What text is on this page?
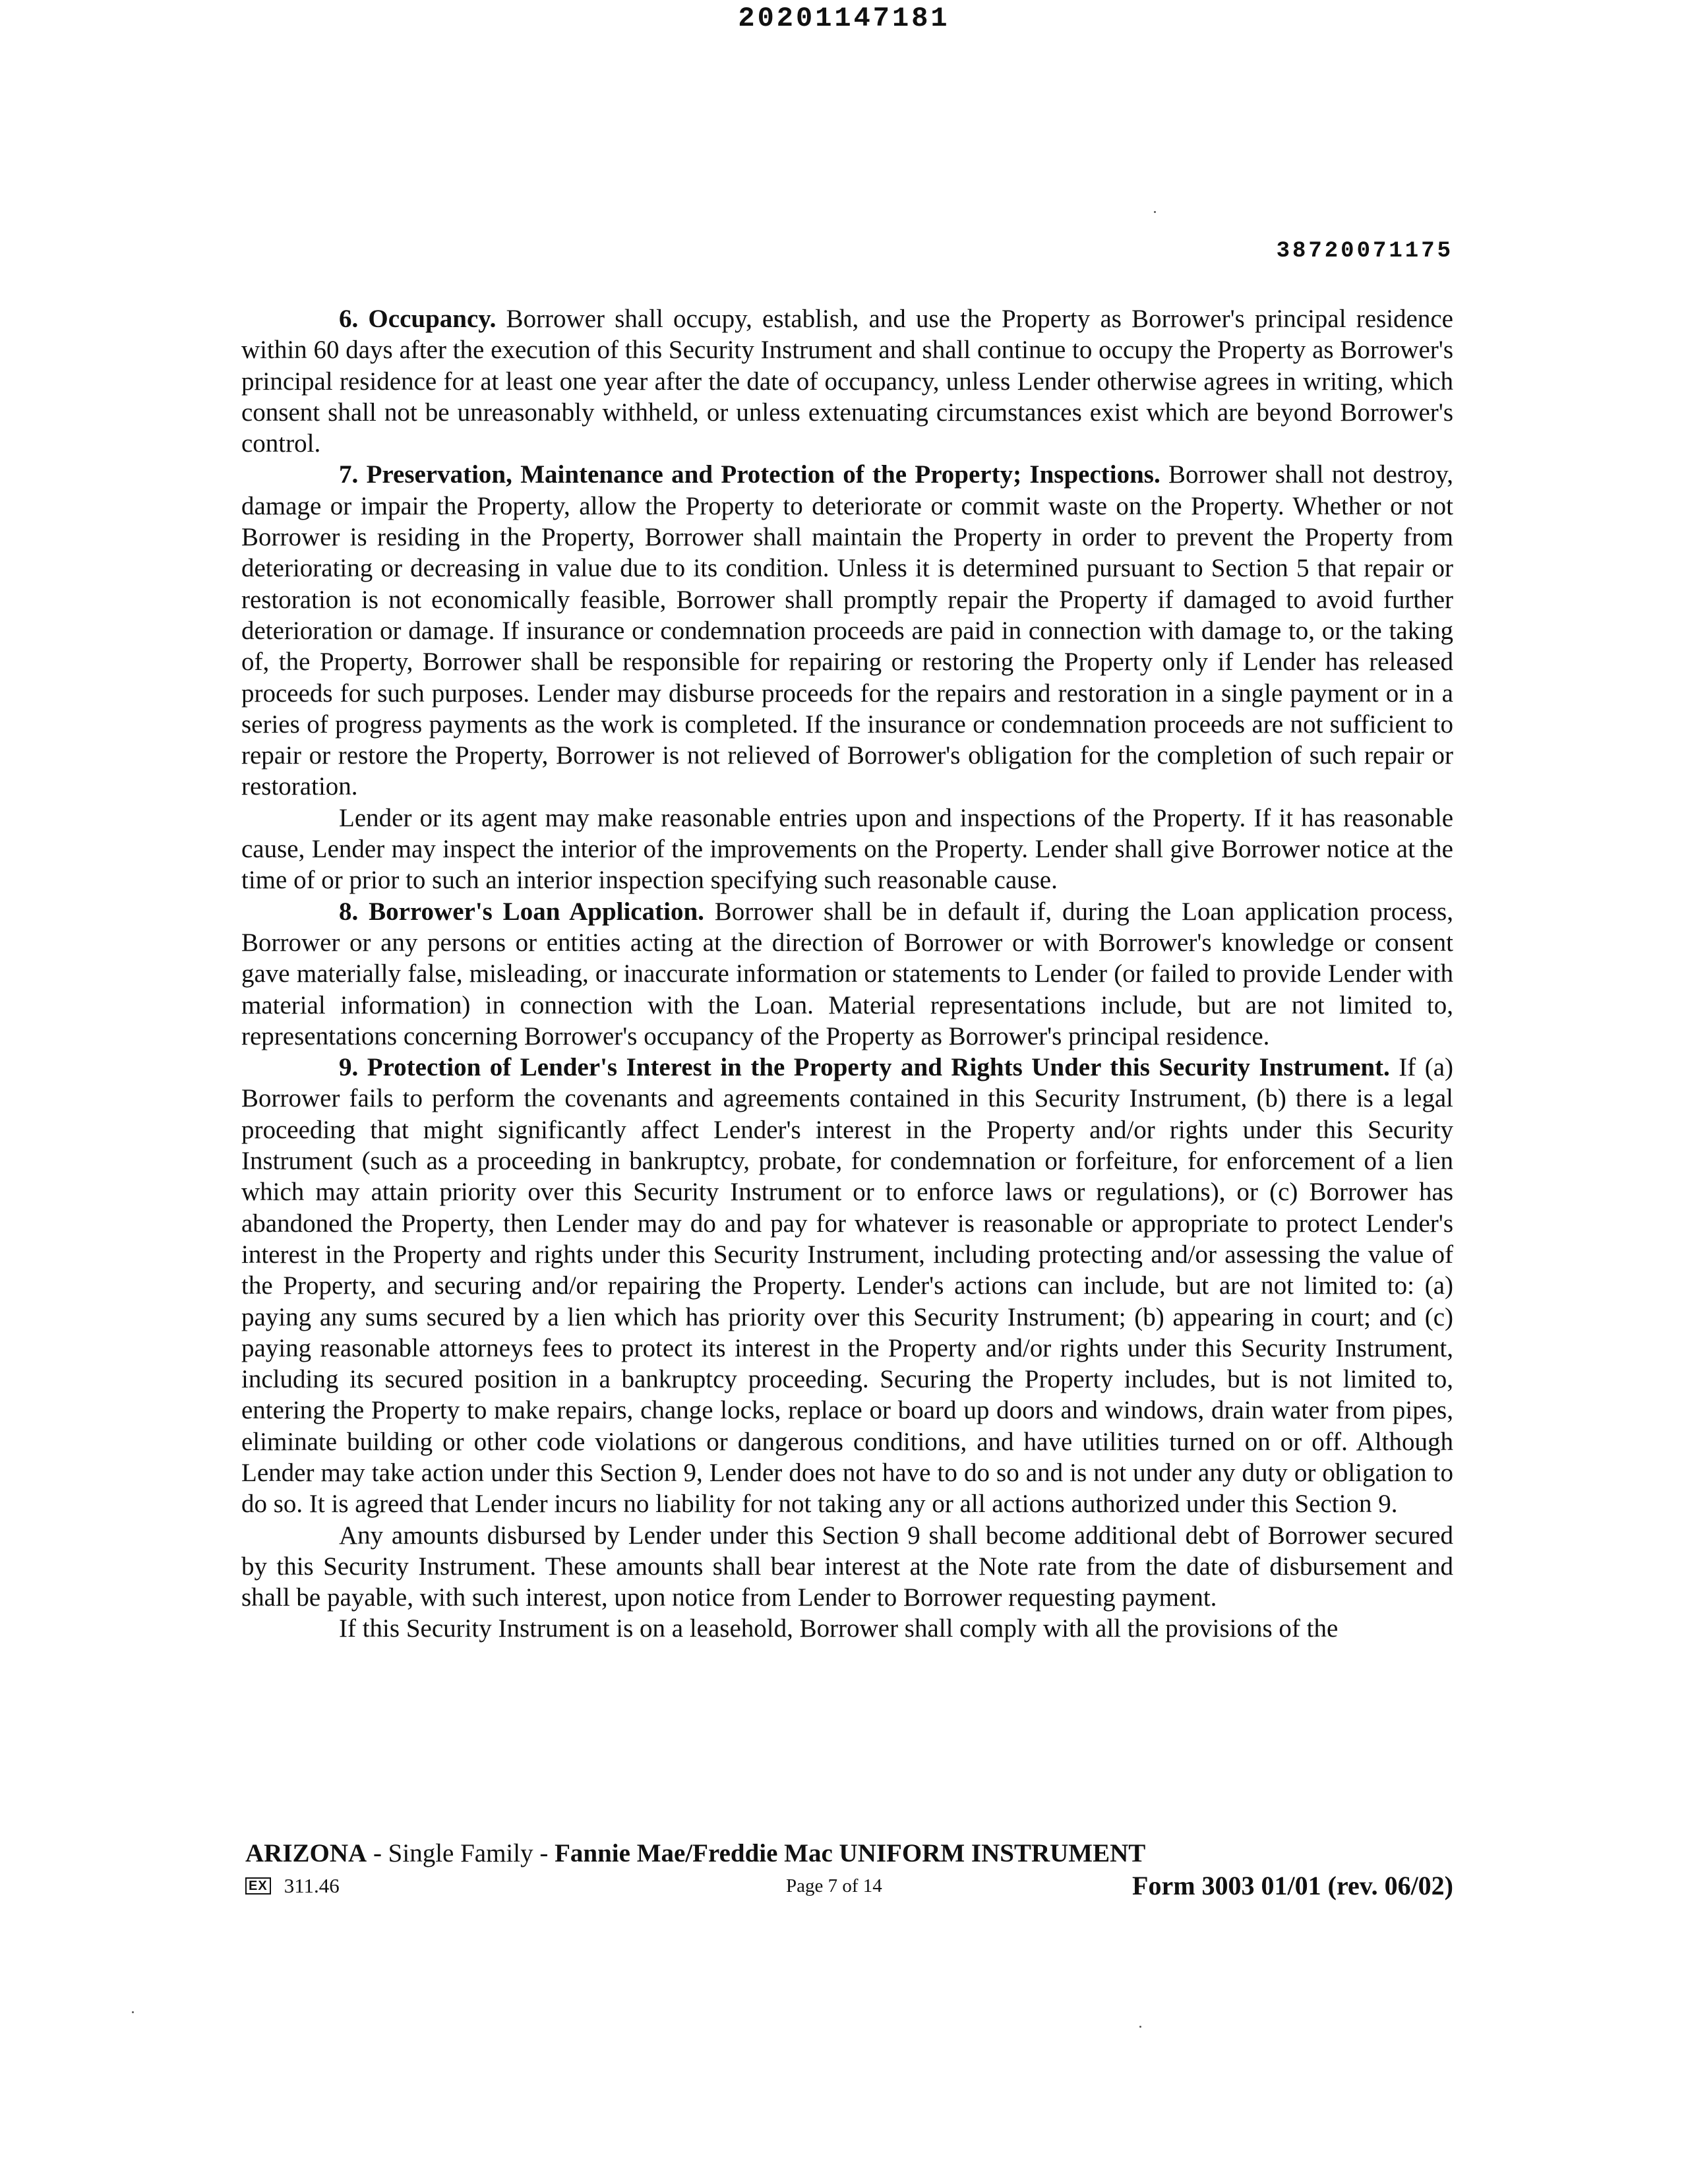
20201147181
38720071175

6. Occupancy. Borrower shall occupy, establish, and use the Property as Borrower's principal residence within 60 days after the execution of this Security Instrument and shall continue to occupy the Property as Borrower's principal residence for at least one year after the date of occupancy, unless Lender otherwise agrees in writing, which consent shall not be unreasonably withheld, or unless extenuating circumstances exist which are beyond Borrower's control.

7. Preservation, Maintenance and Protection of the Property; Inspections. Borrower shall not destroy, damage or impair the Property, allow the Property to deteriorate or commit waste on the Property. Whether or not Borrower is residing in the Property, Borrower shall maintain the Property in order to prevent the Property from deteriorating or decreasing in value due to its condition. Unless it is determined pursuant to Section 5 that repair or restoration is not economically feasible, Borrower shall promptly repair the Property if damaged to avoid further deterioration or damage. If insurance or condemnation proceeds are paid in connection with damage to, or the taking of, the Property, Borrower shall be responsible for repairing or restoring the Property only if Lender has released proceeds for such purposes. Lender may disburse proceeds for the repairs and restoration in a single payment or in a series of progress payments as the work is completed. If the insurance or condemnation proceeds are not sufficient to repair or restore the Property, Borrower is not relieved of Borrower's obligation for the completion of such repair or restoration.

Lender or its agent may make reasonable entries upon and inspections of the Property. If it has reasonable cause, Lender may inspect the interior of the improvements on the Property. Lender shall give Borrower notice at the time of or prior to such an interior inspection specifying such reasonable cause.

8. Borrower's Loan Application. Borrower shall be in default if, during the Loan application process, Borrower or any persons or entities acting at the direction of Borrower or with Borrower's knowledge or consent gave materially false, misleading, or inaccurate information or statements to Lender (or failed to provide Lender with material information) in connection with the Loan. Material representations include, but are not limited to, representations concerning Borrower's occupancy of the Property as Borrower's principal residence.

9. Protection of Lender's Interest in the Property and Rights Under this Security Instrument. If (a) Borrower fails to perform the covenants and agreements contained in this Security Instrument, (b) there is a legal proceeding that might significantly affect Lender's interest in the Property and/or rights under this Security Instrument (such as a proceeding in bankruptcy, probate, for condemnation or forfeiture, for enforcement of a lien which may attain priority over this Security Instrument or to enforce laws or regulations), or (c) Borrower has abandoned the Property, then Lender may do and pay for whatever is reasonable or appropriate to protect Lender's interest in the Property and rights under this Security Instrument, including protecting and/or assessing the value of the Property, and securing and/or repairing the Property. Lender's actions can include, but are not limited to: (a) paying any sums secured by a lien which has priority over this Security Instrument; (b) appearing in court; and (c) paying reasonable attorneys fees to protect its interest in the Property and/or rights under this Security Instrument, including its secured position in a bankruptcy proceeding. Securing the Property includes, but is not limited to, entering the Property to make repairs, change locks, replace or board up doors and windows, drain water from pipes, eliminate building or other code violations or dangerous conditions, and have utilities turned on or off. Although Lender may take action under this Section 9, Lender does not have to do so and is not under any duty or obligation to do so. It is agreed that Lender incurs no liability for not taking any or all actions authorized under this Section 9.

Any amounts disbursed by Lender under this Section 9 shall become additional debt of Borrower secured by this Security Instrument. These amounts shall bear interest at the Note rate from the date of disbursement and shall be payable, with such interest, upon notice from Lender to Borrower requesting payment.

If this Security Instrument is on a leasehold, Borrower shall comply with all the provisions of the

ARIZONA - Single Family - Fannie Mae/Freddie Mac UNIFORM INSTRUMENT
EX 311.46	Page 7 of 14	Form 3003 01/01 (rev. 06/02)
